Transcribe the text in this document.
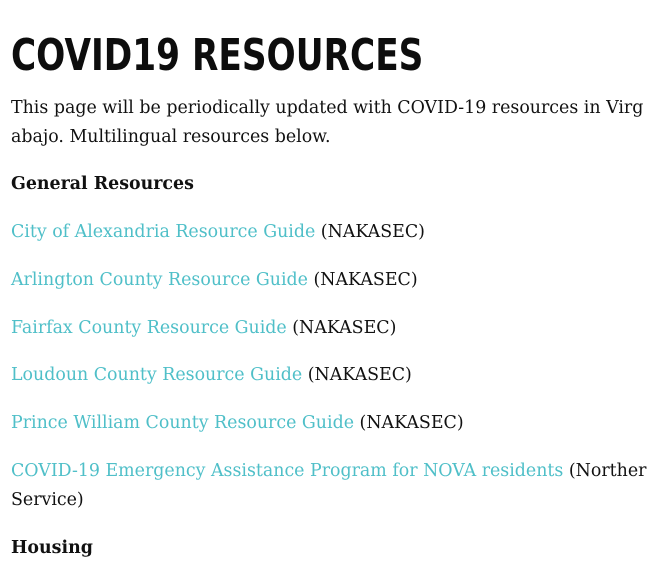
COVID19 RESOURCES

This page will be periodically updated with COVID-19 resources in Virg
abajo. Multilingual resources below.

General Resources

City of Alexandria Resource Guide (NAKASEC)

Arlington County Resource Guide (NAKASEC)

Fairfax County Resource Guide (NAKASEC)

Loudoun County Resource Guide (NAKASEC)

Prince William County Resource Guide (NAKASEC)

COVID-19 Emergency Assistance Program for NOVA residents (Norther

Service)

Housing
